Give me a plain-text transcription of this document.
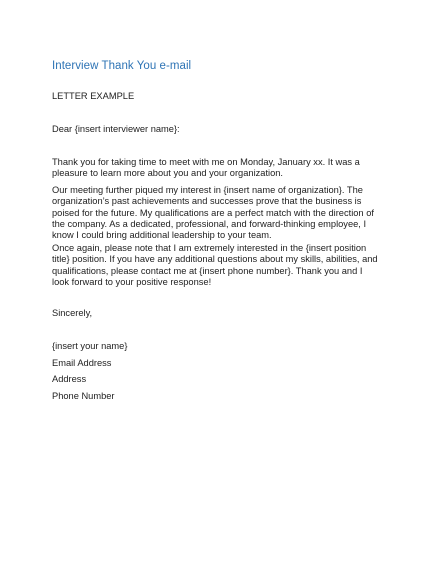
Interview Thank You e-mail
LETTER EXAMPLE
Dear {insert interviewer name}:

Thank you for taking time to meet with me on Monday, January xx. It was a pleasure to learn more about you and your organization.

Our meeting further piqued my interest in {insert name of organization}. The organization’s past achievements and successes prove that the business is poised for the future. My qualifications are a perfect match with the direction of the company. As a dedicated, professional, and forward-thinking employee, I know I could bring additional leadership to your team.

Once again, please note that I am extremely interested in the {insert position title} position. If you have any additional questions about my skills, abilities, and qualifications, please contact me at {insert phone number}. Thank you and I look forward to your positive response!

Sincerely,
{insert your name}
Email Address
Address
Phone Number
